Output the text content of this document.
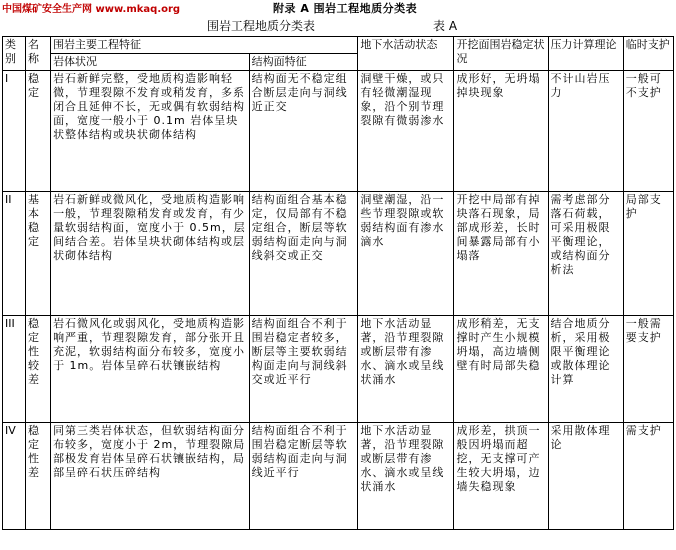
中国煤矿安全生产网 www.mkaq.org	附录 A 围岩工程地质分类表
围岩工程地质分类表	表 A
类别	名称	围岩主要工程特征		地下水活动状态	开挖面围岩稳定状况	压力计算理论	临时支护
		岩体状况	结构面特征				
I	稳定	岩石新鲜完整，受地质构造影响轻微，节理裂隙不发育或稍发育，多系闭合且延伸不长，无或偶有软弱结构面，宽度一般小于 0.1m 岩体呈块状整体结构或块状砌体结构	结构面无不稳定组合断层走向与洞线近正交	洞壁干燥，或只有轻微潮湿现象，沿个别节理裂隙有微弱渗水	成形好，无坍塌掉块现象	不计山岩压力	一般可不支护
II	基本稳定	岩石新鲜或微风化，受地质构造影响一般，节理裂隙稍发育或发育，有少量软弱结构面，宽度小于 0.5m，层间结合差。岩体呈块状砌体结构或层状砌体结构	结构面组合基本稳定，仅局部有不稳定组合，断层等软弱结构面走向与洞线斜交或正交	洞壁潮湿，沿一些节理裂隙或软弱结构面有渗水滴水	开挖中局部有掉块落石现象，局部成形差，长时间暴露局部有小塌落	需考虑部分落石荷载，可采用极限平衡理论，或结构面分析法	局部支护
III	稳定性较差	岩石微风化或弱风化，受地质构造影响严重，节理裂隙发育，部分张开且充泥，软弱结构面分布较多，宽度小于 1m。岩体呈碎石状镶嵌结构	结构面组合不利于围岩稳定者较多，断层等主要软弱结构面走向与洞线斜交或近平行	地下水活动显著，沿节理裂隙或断层带有渗水、滴水或呈线状涌水	成形稍差，无支撑时产生小规模坍塌，高边墙侧壁有时局部失稳	结合地质分析，采用极限平衡理论或散体理论计算	一般需要支护
IV	稳定性差	同第三类岩体状态，但软弱结构面分布较多，宽度小于 2m，节理裂隙局部极发育岩体呈碎石状镶嵌结构，局部呈碎石状压碎结构	结构面组合不利于围岩稳定断层等软弱结构面走向与洞线近平行	地下水活动显著，沿节理裂隙或断层带有渗水、滴水或呈线状涌水	成形差，拱顶一般因坍塌而超挖，无支撑可产生较大坍塌，边墙失稳现象	采用散体理论	需支护
